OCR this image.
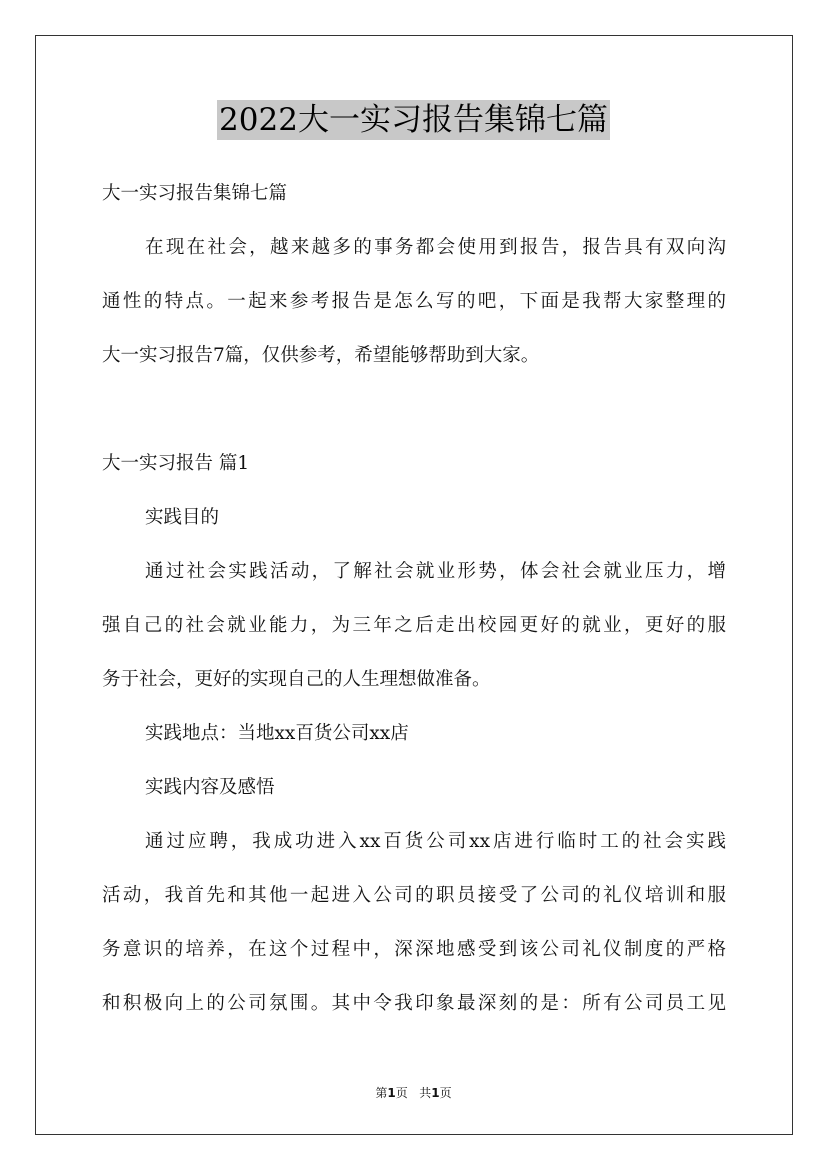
2022大一实习报告集锦七篇
大一实习报告集锦七篇
在现在社会，越来越多的事务都会使用到报告，报告具有双向沟
通性的特点。一起来参考报告是怎么写的吧，下面是我帮大家整理的
大一实习报告7篇，仅供参考，希望能够帮助到大家。
大一实习报告 篇1
实践目的
通过社会实践活动，了解社会就业形势，体会社会就业压力，增
强自己的社会就业能力，为三年之后走出校园更好的就业，更好的服
务于社会，更好的实现自己的人生理想做准备。
实践地点：当地xx百货公司xx店
实践内容及感悟
通过应聘，我成功进入xx百货公司xx店进行临时工的社会实践
活动，我首先和其他一起进入公司的职员接受了公司的礼仪培训和服
务意识的培养，在这个过程中，深深地感受到该公司礼仪制度的严格
和积极向上的公司氛围。其中令我印象最深刻的是：所有公司员工见
第1页 共1页
